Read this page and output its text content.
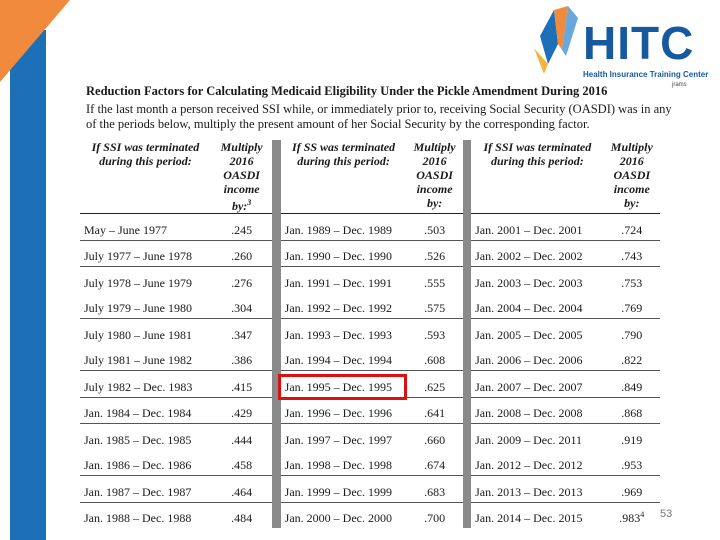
HITC
Health Insurance Training Center
jrams
Reduction Factors for Calculating Medicaid Eligibility Under the Pickle Amendment During 2016
If the last month a person received SSI while, or immediately prior to, receiving Social Security (OASDI) was in any of the periods below, multiply the present amount of her Social Security by the corresponding factor.
If SSI was terminated during this period:	Multiply 2016 OASDI income by:$^3$		If SS was terminated during this period:	Multiply 2016 OASDI income by:		If SSI was terminated during this period:	Multiply 2016 OASDI income by:
May – June 1977	.245		Jan. 1989 – Dec. 1989	.503		Jan. 2001 – Dec. 2001	.724
July 1977 – June 1978	.260		Jan. 1990 – Dec. 1990	.526		Jan. 2002 – Dec. 2002	.743
July 1978 – June 1979	.276		Jan. 1991 – Dec. 1991	.555		Jan. 2003 – Dec. 2003	.753
July 1979 – June 1980	.304		Jan. 1992 – Dec. 1992	.575		Jan. 2004 – Dec. 2004	.769
July 1980 – June 1981	.347		Jan. 1993 – Dec. 1993	.593		Jan. 2005 – Dec. 2005	.790
July 1981 – June 1982	.386		Jan. 1994 – Dec. 1994	.608		Jan. 2006 – Dec. 2006	.822
July 1982 – Dec. 1983	.415		Jan. 1995 – Dec. 1995	.625		Jan. 2007 – Dec. 2007	.849
Jan. 1984 – Dec. 1984	.429		Jan. 1996 – Dec. 1996	.641		Jan. 2008 – Dec. 2008	.868
Jan. 1985 – Dec. 1985	.444		Jan. 1997 – Dec. 1997	.660		Jan. 2009 – Dec. 2011	.919
Jan. 1986 – Dec. 1986	.458		Jan. 1998 – Dec. 1998	.674		Jan. 2012 – Dec. 2012	.953
Jan. 1987 – Dec. 1987	.464		Jan. 1999 – Dec. 1999	.683		Jan. 2013 – Dec. 2013	.969
Jan. 1988 – Dec. 1988	.484		Jan. 2000 – Dec. 2000	.700		Jan. 2014 – Dec. 2015	.983$^4$ 53
